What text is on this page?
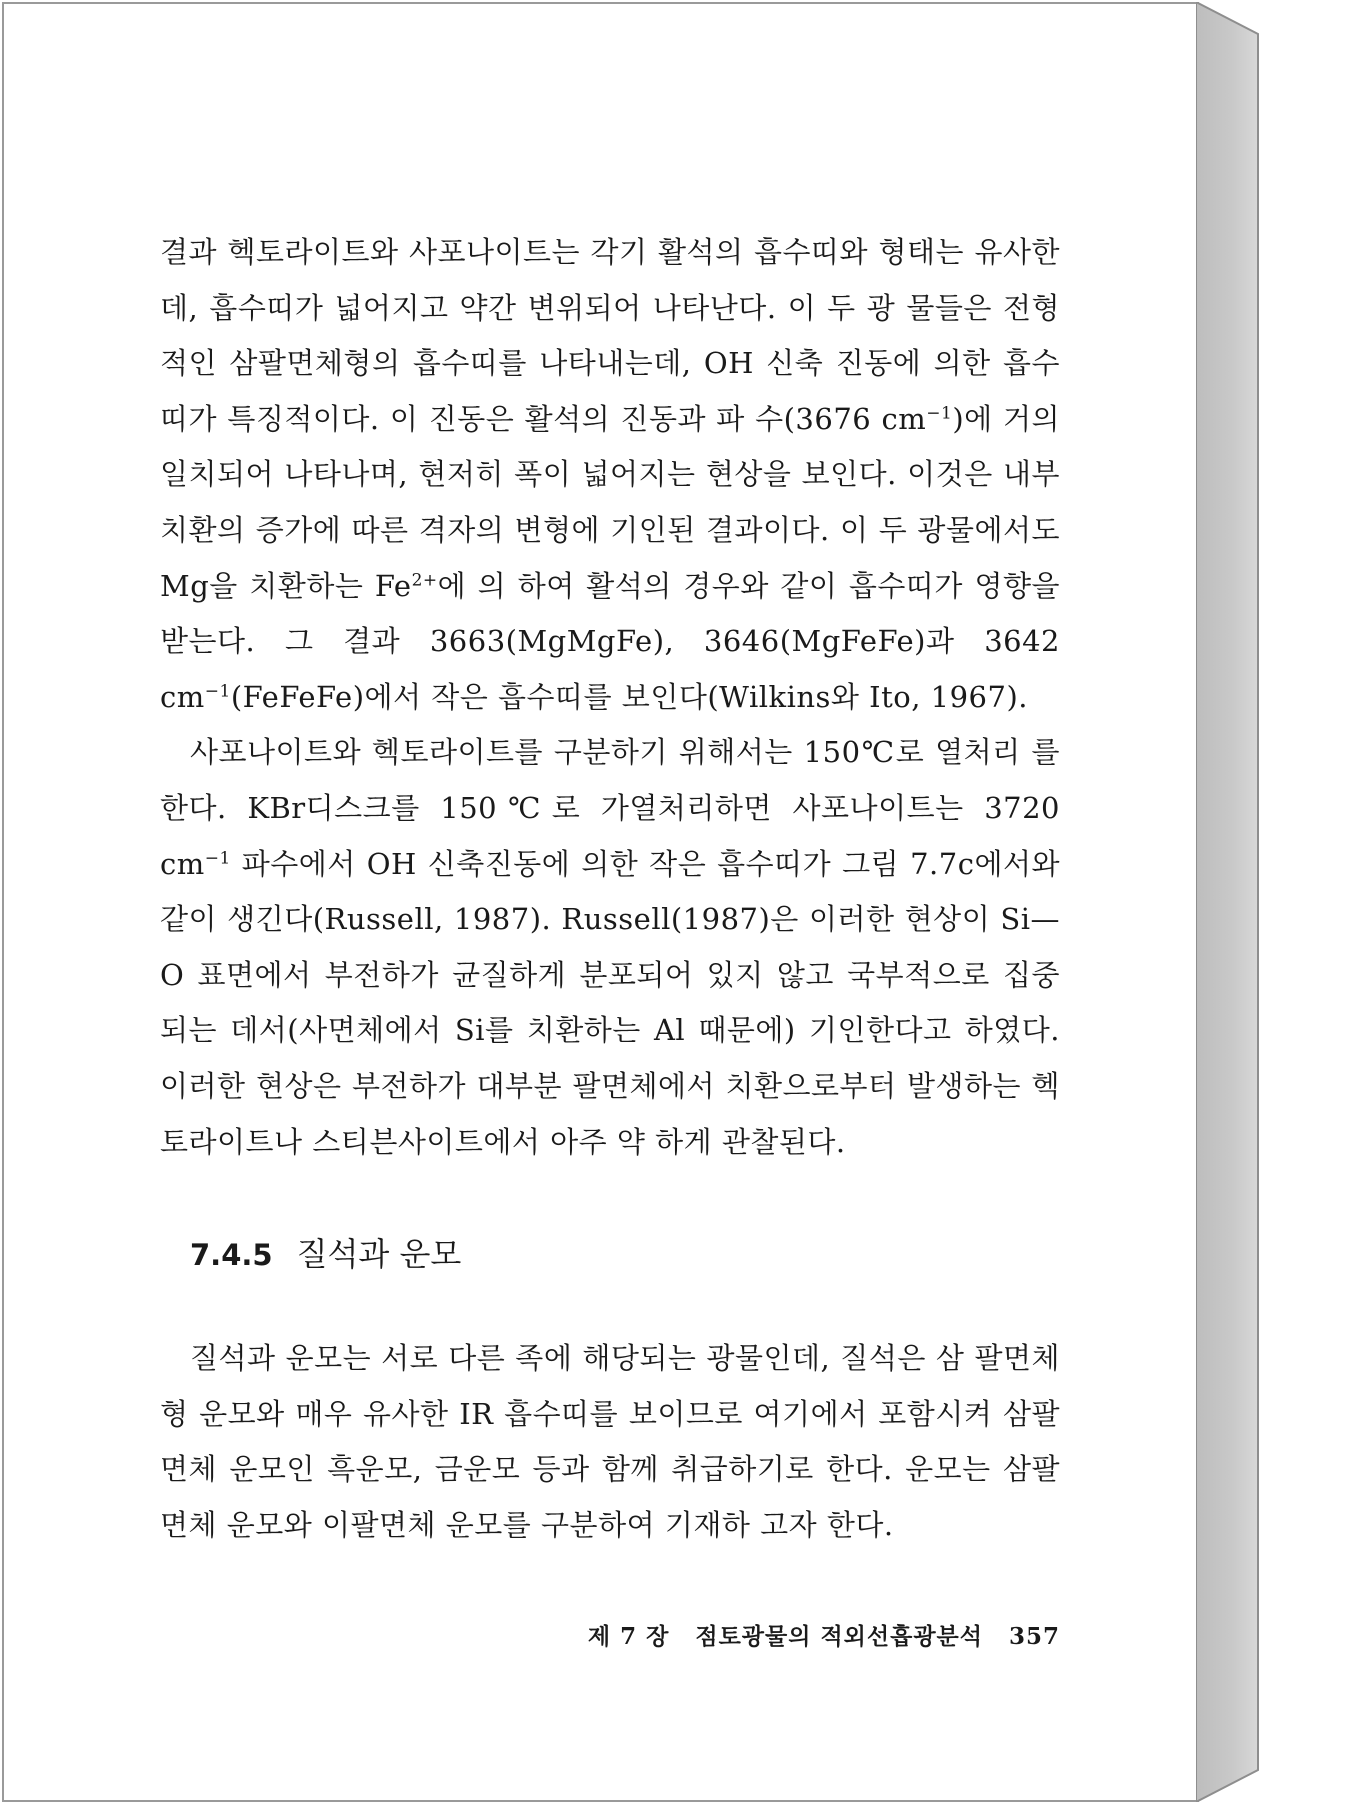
결과 헥토라이트와 사포나이트는 각기 활석의 흡수띠와 형태는 유사한데, 흡수띠가 넓어지고 약간 변위되어 나타난다. 이 두 광 물들은 전형적인 삼팔면체형의 흡수띠를 나타내는데, OH 신축 진동에 의한 흡수띠가 특징적이다. 이 진동은 활석의 진동과 파 수(3676 $cm^{-1}$)에 거의 일치되어 나타나며, 현저히 폭이 넓어지는 현상을 보인다. 이것은 내부치환의 증가에 따른 격자의 변형에 기인된 결과이다. 이 두 광물에서도 Mg을 치환하는 $Fe^{2+}$에 의 하여 활석의 경우와 같이 흡수띠가 영향을 받는다. 그 결과 3663(MgMgFe), 3646(MgFeFe)과 3642 $cm^{-1}(FeFeFe)$에서 작은 흡수띠를 보인다(Wilkins와 Ito, 1967).

사포나이트와 헥토라이트를 구분하기 위해서는 150℃로 열처리 를 한다. KBr디스크를 150℃로 가열처리하면 사포나이트는 3720 $cm^{-1}$ 파수에서 OH 신축진동에 의한 작은 흡수띠가 그림 7.7c에서와 같이 생긴다(Russell, 1987). Russell(1987)은 이러한 현상이 Si—O 표면에서 부전하가 균질하게 분포되어 있지 않고 국부적으로 집중되는 데서(사면체에서 Si를 치환하는 Al 때문에) 기인한다고 하였다. 이러한 현상은 부전하가 대부분 팔면체에서 치환으로부터 발생하는 헥토라이트나 스티븐사이트에서 아주 약 하게 관찰된다.

7.4.5 질석과 운모

질석과 운모는 서로 다른 족에 해당되는 광물인데, 질석은 삼 팔면체형 운모와 매우 유사한 IR 흡수띠를 보이므로 여기에서 포함시켜 삼팔면체 운모인 흑운모, 금운모 등과 함께 취급하기로 한다. 운모는 삼팔면체 운모와 이팔면체 운모를 구분하여 기재하 고자 한다.

제 7 장 점토광물의 적외선흡광분석 357
